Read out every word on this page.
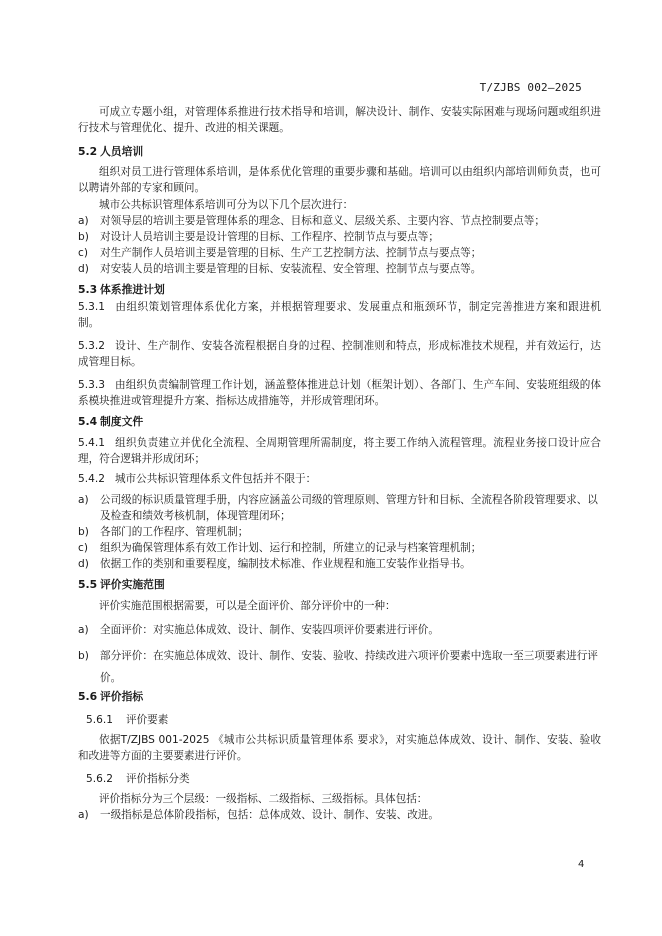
T/ZJBS 002—2025
可成立专题小组，对管理体系推进行技术指导和培训，解决设计、制作、安装实际困难与现场问题或组织进行技术与管理优化、提升、改进的相关课题。
5.2 人员培训
组织对员工进行管理体系培训，是体系优化管理的重要步骤和基础。培训可以由组织内部培训师负责，也可以聘请外部的专家和顾问。
城市公共标识管理体系培训可分为以下几个层次进行：
a)	对领导层的培训主要是管理体系的理念、目标和意义、层级关系、主要内容、节点控制要点等；
b)	对设计人员培训主要是设计管理的目标、工作程序、控制节点与要点等；
c)	对生产制作人员培训主要是管理的目标、生产工艺控制方法、控制节点与要点等；
d)	对安装人员的培训主要是管理的目标、安装流程、安全管理、控制节点与要点等。
5.3 体系推进计划
5.3.1 由组织策划管理体系优化方案，并根据管理要求、发展重点和瓶颈环节，制定完善推进方案和跟进机制。
5.3.2 设计、生产制作、安装各流程根据自身的过程、控制准则和特点，形成标准技术规程，并有效运行，达成管理目标。
5.3.3 由组织负责编制管理工作计划，涵盖整体推进总计划（框架计划）、各部门、生产车间、安装班组级的体系模块推进或管理提升方案、指标达成措施等，并形成管理闭环。
5.4 制度文件
5.4.1 组织负责建立并优化全流程、全周期管理所需制度，将主要工作纳入流程管理。流程业务接口设计应合理，符合逻辑并形成闭环；
5.4.2 城市公共标识管理体系文件包括并不限于：
a)	公司级的标识质量管理手册，内容应涵盖公司级的管理原则、管理方针和目标、全流程各阶段管理要求、以及检查和绩效考核机制，体现管理闭环；
b)	各部门的工作程序、管理机制；
c)	组织为确保管理体系有效工作计划、运行和控制，所建立的记录与档案管理机制；
d)	依据工作的类别和重要程度，编制技术标准、作业规程和施工安装作业指导书。
5.5 评价实施范围
评价实施范围根据需要，可以是全面评价、部分评价中的一种：
a)	全面评价：对实施总体成效、设计、制作、安装四项评价要素进行评价。
b)	部分评价：在实施总体成效、设计、制作、安装、验收、持续改进六项评价要素中选取一至三项要素进行评价。
5.6 评价指标
5.6.1 评价要素
依据T/ZJBS 001-2025 《城市公共标识质量管理体系 要求》，对实施总体成效、设计、制作、安装、验收和改进等方面的主要要素进行评价。
5.6.2 评价指标分类
评价指标分为三个层级：一级指标、二级指标、三级指标。具体包括：
a)	一级指标是总体阶段指标，包括：总体成效、设计、制作、安装、改进。
4
